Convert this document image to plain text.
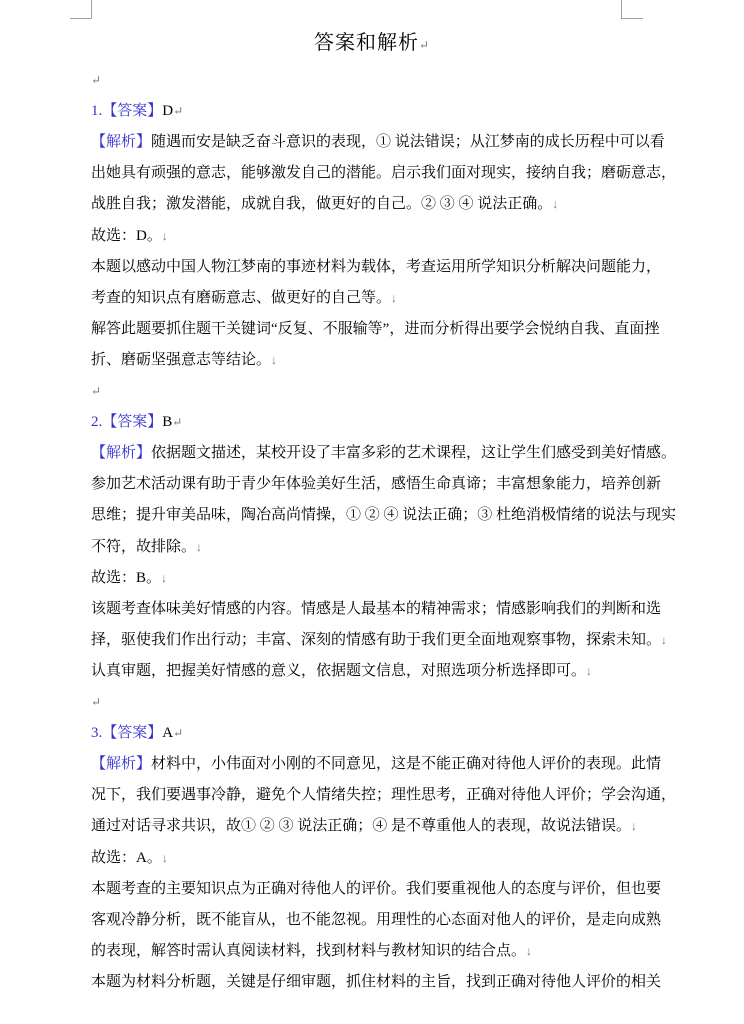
答案和解析↵
↵
1.【答案】D↵
【解析】随遇而安是缺乏奋斗意识的表现，① 说法错误；从江梦南的成长历程中可以看
出她具有顽强的意志，能够激发自己的潜能。启示我们面对现实，接纳自我；磨砺意志，
战胜自我；激发潜能，成就自我，做更好的自己。② ③ ④ 说法正确。↓
故选：D。↓
本题以感动中国人物江梦南的事迹材料为载体，考查运用所学知识分析解决问题能力，
考查的知识点有磨砺意志、做更好的自己等。↓
解答此题要抓住题干关键词“反复、不服输等”，进而分析得出要学会悦纳自我、直面挫
折、磨砺坚强意志等结论。↓
↵
2.【答案】B↵
【解析】依据题文描述，某校开设了丰富多彩的艺术课程，这让学生们感受到美好情感。
参加艺术活动课有助于青少年体验美好生活，感悟生命真谛；丰富想象能力，培养创新
思维；提升审美品味，陶冶高尚情操，① ② ④ 说法正确；③ 杜绝消极情绪的说法与现实
不符，故排除。↓
故选：B。↓
该题考查体味美好情感的内容。情感是人最基本的精神需求；情感影响我们的判断和选
择，驱使我们作出行动；丰富、深刻的情感有助于我们更全面地观察事物，探索未知。↓
认真审题，把握美好情感的意义，依据题文信息，对照选项分析选择即可。↓
↵
3.【答案】A↵
【解析】材料中，小伟面对小刚的不同意见，这是不能正确对待他人评价的表现。此情
况下，我们要遇事冷静，避免个人情绪失控；理性思考，正确对待他人评价；学会沟通，
通过对话寻求共识，故① ② ③ 说法正确；④ 是不尊重他人的表现，故说法错误。↓
故选：A。↓
本题考查的主要知识点为正确对待他人的评价。我们要重视他人的态度与评价，但也要
客观冷静分析，既不能盲从，也不能忽视。用理性的心态面对他人的评价，是走向成熟
的表现，解答时需认真阅读材料，找到材料与教材知识的结合点。↓
本题为材料分析题，关键是仔细审题，抓住材料的主旨，找到正确对待他人评价的相关
